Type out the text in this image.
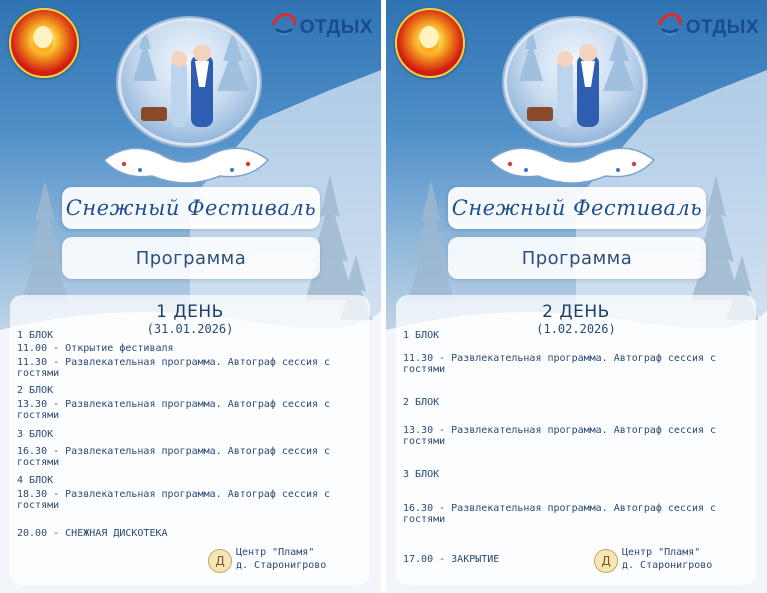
ОТДЫХ
Снежный Фестиваль
Программа
1 ДЕНЬ
(31.01.2026)
1 БЛОК
11.00 - Открытие фестиваля
11.30 - Развлекательная программа. Автограф сессия с гостями
2 БЛОК
13.30 - Развлекательная программа. Автограф сессия с гостями
3 БЛОК
16.30 - Развлекательная программа. Автограф сессия с гостями
4 БЛОК
18.30 - Развлекательная программа. Автограф сессия с гостями
20.00 - СНЕЖНАЯ ДИСКОТЕКА
Д
Центр "Пламя"
д. Старонигрово
ОТДЫХ
Снежный Фестиваль
Программа
2 ДЕНЬ
(1.02.2026)
1 БЛОК
11.30 - Развлекательная программа. Автограф сессия с гостями
2 БЛОК
13.30 - Развлекательная программа. Автограф сессия с гостями
3 БЛОК
16.30 - Развлекательная программа. Автограф сессия с гостями
17.00 - ЗАКРЫТИЕ	Д
Центр "Пламя"
д. Старонигрово
